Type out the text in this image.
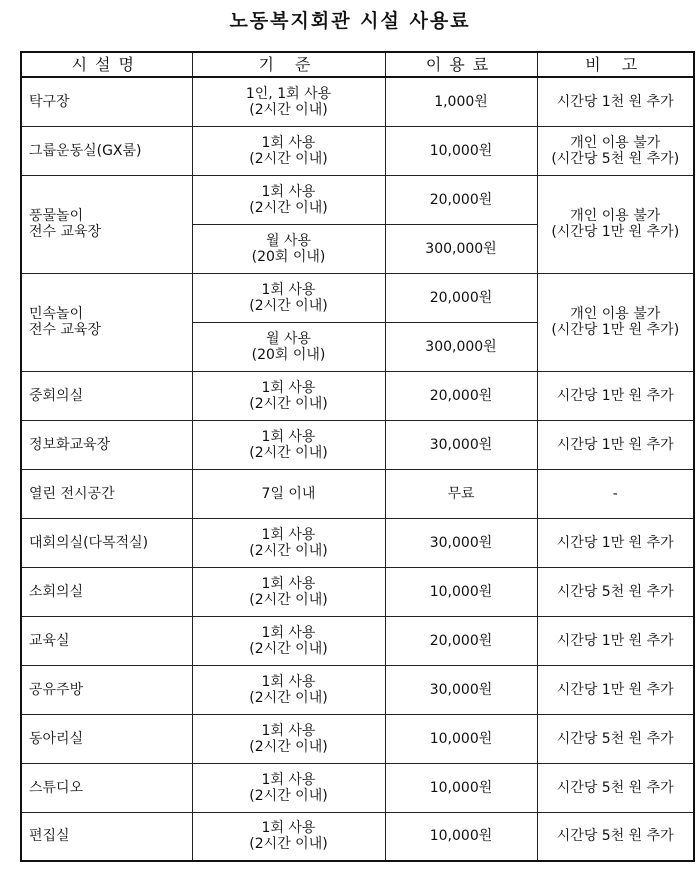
노동복지회관 시설 사용료
시설명	기 준	이용료	비 고
탁구장	1인, 1회 사용
(2시간 이내)	1,000원	시간당 1천 원 추가
그룹운동실(GX룸)	1회 사용
(2시간 이내)	10,000원	개인 이용 불가
(시간당 5천 원 추가)

풍물놀이
전수 교육장	1회 사용
(2시간 이내)	20,000원	개인 이용 불가
(시간당 1만 원 추가)

	월 사용
(20회 이내)	300,000원	

민속놀이
전수 교육장	1회 사용
(2시간 이내)	20,000원	개인 이용 불가
(시간당 1만 원 추가)

	월 사용
(20회 이내)	300,000원	
중회의실	1회 사용
(2시간 이내)	20,000원	시간당 1만 원 추가
정보화교육장	1회 사용
(2시간 이내)	30,000원	시간당 1만 원 추가
열린 전시공간	7일 이내	무료	-
대회의실(다목적실)	1회 사용
(2시간 이내)	30,000원	시간당 1만 원 추가
소회의실	1회 사용
(2시간 이내)	10,000원	시간당 5천 원 추가
교육실	1회 사용
(2시간 이내)	20,000원	시간당 1만 원 추가
공유주방	1회 사용
(2시간 이내)	30,000원	시간당 1만 원 추가
동아리실	1회 사용
(2시간 이내)	10,000원	시간당 5천 원 추가
스튜디오	1회 사용
(2시간 이내)	10,000원	시간당 5천 원 추가
편집실	1회 사용
(2시간 이내)	10,000원	시간당 5천 원 추가
